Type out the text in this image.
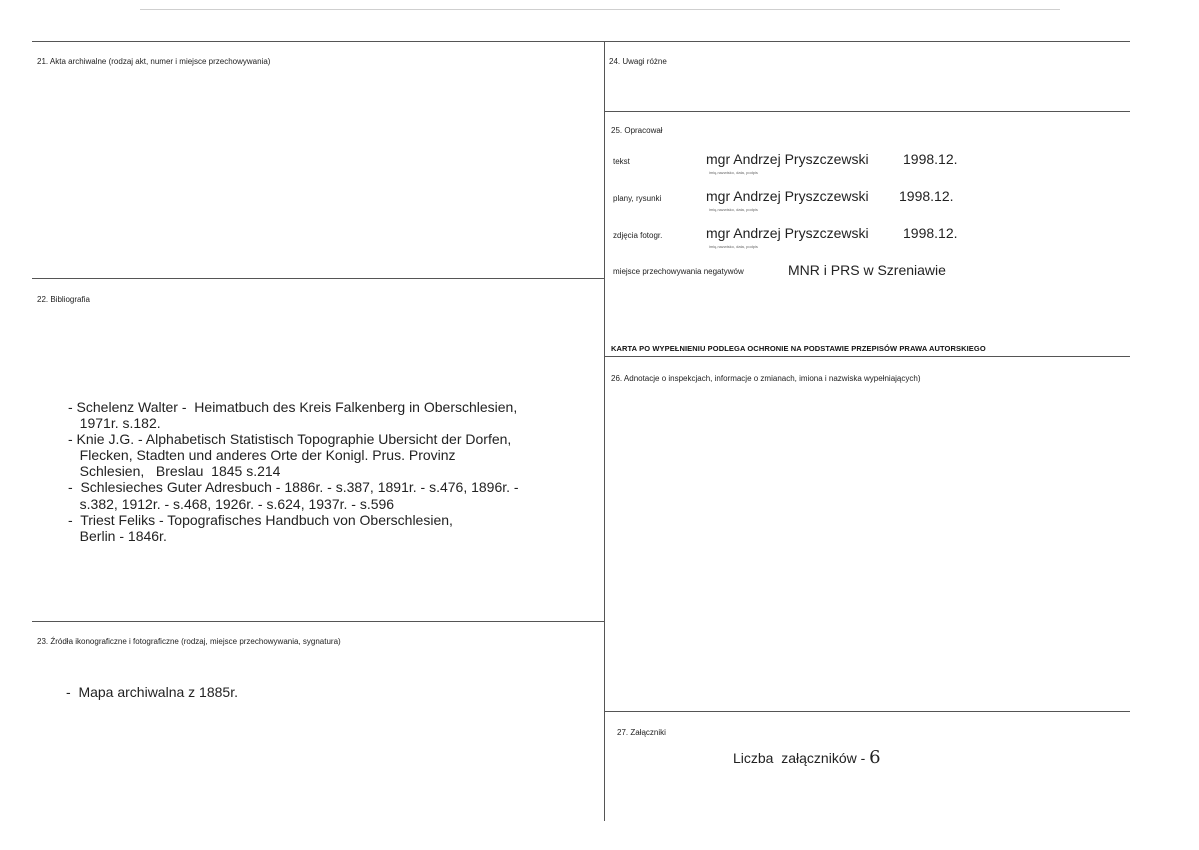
21. Akta archiwalne (rodzaj akt, numer i miejsce przechowywania)
22. Bibliografia
- Schelenz Walter -  Heimatbuch des Kreis Falkenberg in Oberschlesien,
1971r. s.182.
- Knie J.G. - Alphabetisch Statistisch Topographie Ubersicht der Dorfen,
Flecken, Stadten und anderes Orte der Konigl. Prus. Provinz
Schlesien,   Breslau  1845 s.214
-  Schlesieches Guter Adresbuch - 1886r. - s.387, 1891r. - s.476, 1896r. -
s.382, 1912r. - s.468, 1926r. - s.624, 1937r. - s.596
-  Triest Feliks - Topografisches Handbuch von Oberschlesien,
Berlin - 1846r.
23. Źródła ikonograficzne i fotograficzne (rodzaj, miejsce przechowywania, sygnatura)
-  Mapa archiwalna z 1885r.
24. Uwagi różne
25. Opracował
tekst	mgr Andrzej Pryszczewski 1998.12.
imię,nazwisko, data, podpis
plany, rysunki	mgr Andrzej Pryszczewski 1998.12.
imię,nazwisko, data, podpis
zdjęcia fotogr.	mgr Andrzej Pryszczewski 1998.12.
imię,nazwisko, data, podpis
miejsce przechowywania negatywów	MNR i PRS w Szreniawie
KARTA PO WYPEŁNIENIU PODLEGA OCHRONIE NA PODSTAWIE PRZEPISÓW PRAWA AUTORSKIEGO
26. Adnotacje o inspekcjach, informacje o zmianach, imiona i nazwiska wypełniających)
27. Załączniki
Liczba  załączników - 6
